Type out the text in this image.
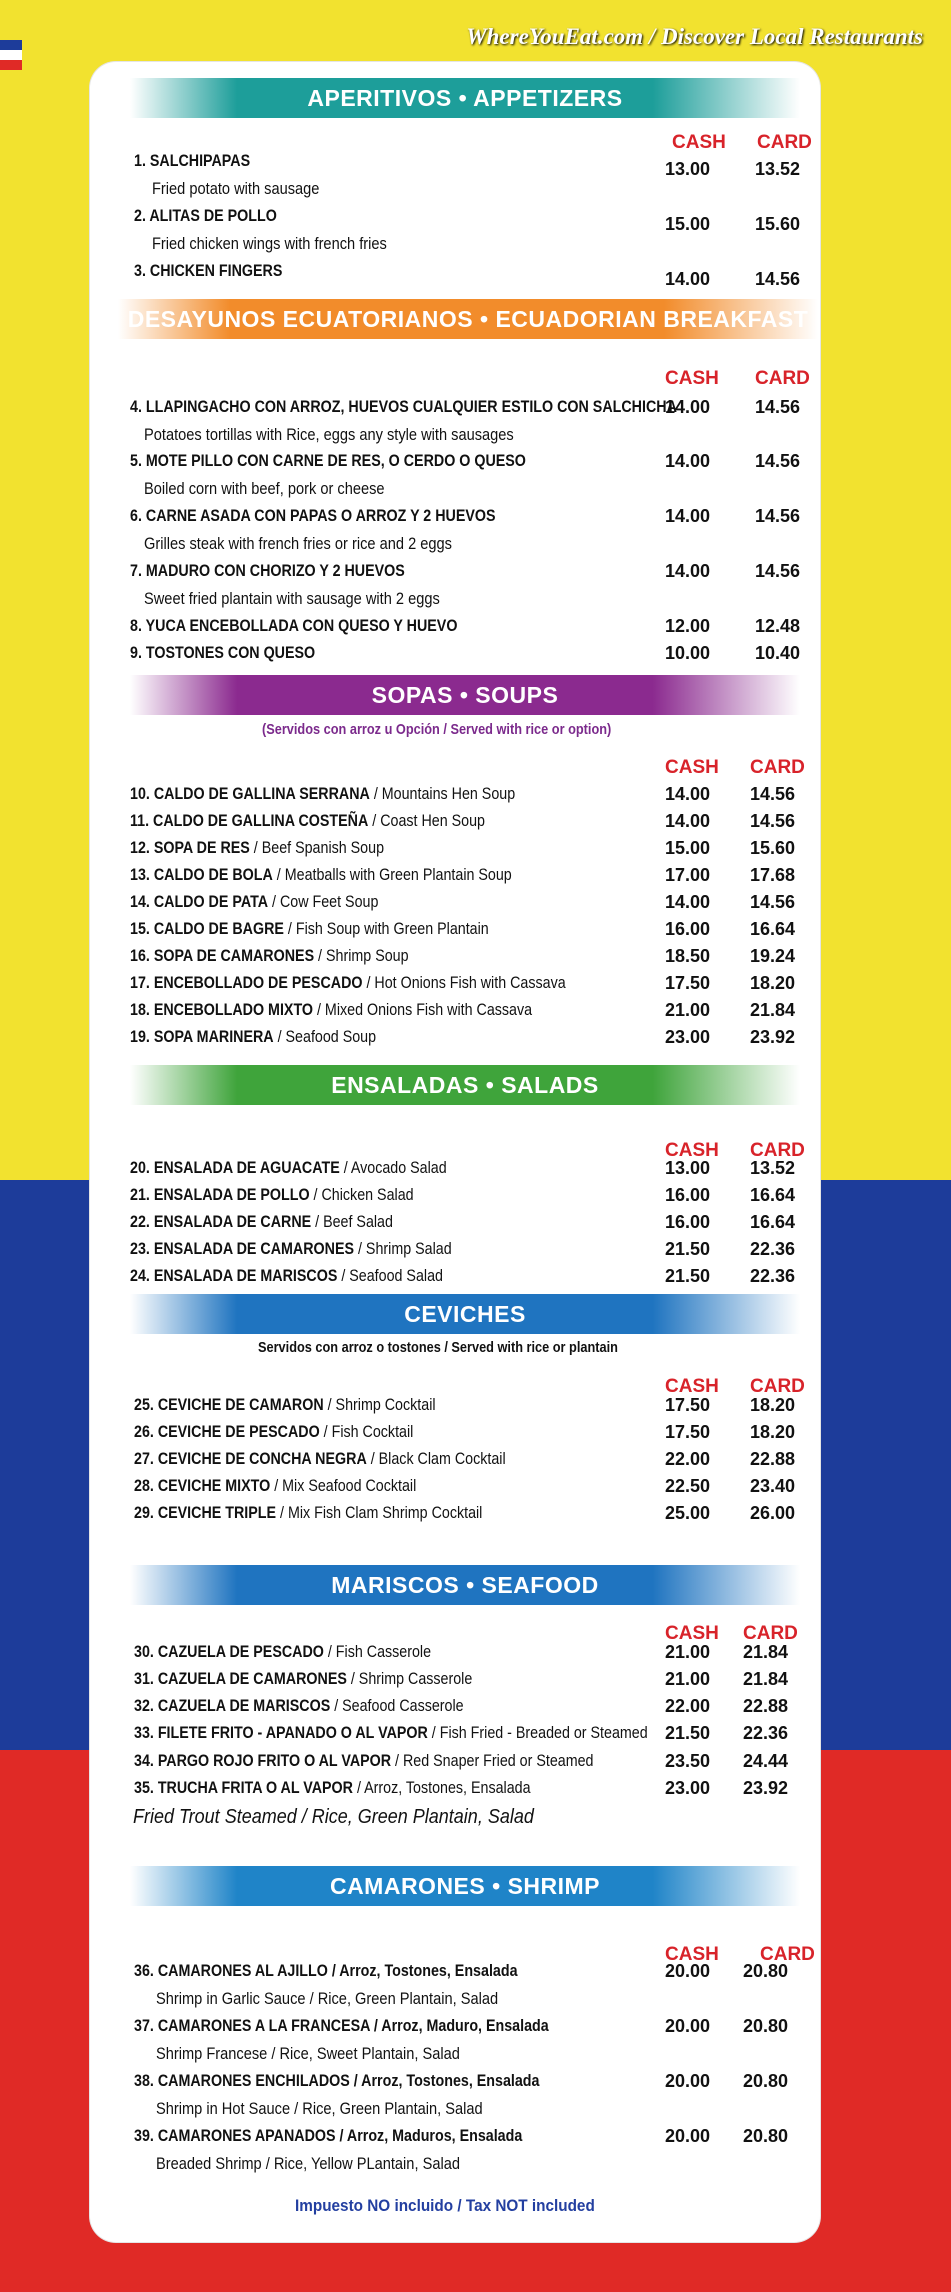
WhereYouEat.com / Discover Local Restaurants
APERITIVOS • APPETIZERS
CASH CARD
DESAYUNOS ECUATORIANOS • ECUADORIAN BREAKFAST
CASH CARD
SOPAS • SOUPS
(Servidos con arroz u Opción / Served with rice or option)
CASH CARD
ENSALADAS • SALADS
CASH CARD
CEVICHES
Servidos con arroz o tostones / Served with rice or plantain
CASH CARD
MARISCOS • SEAFOOD
CASH CARD
CAMARONES • SHRIMP
CASH CARD
1. SALCHIPAPAS
Fried potato with sausage
13.00 13.52
2. ALITAS DE POLLO
Fried chicken wings with french fries
15.00 15.60
3. CHICKEN FINGERS	14.00 14.56
4. LLAPINGACHO CON ARROZ, HUEVOS CUALQUIER ESTILO CON SALCHICHA
Potatoes tortillas with Rice, eggs any style with sausages
14.00 14.56
5. MOTE PILLO CON CARNE DE RES, O CERDO O QUESO
Boiled corn with beef, pork or cheese
14.00 14.56
6. CARNE ASADA CON PAPAS O ARROZ Y 2 HUEVOS
Grilles steak with french fries or rice and 2 eggs
14.00 14.56
7. MADURO CON CHORIZO Y 2 HUEVOS
Sweet fried plantain with sausage with 2 eggs
14.00 14.56
8. YUCA ENCEBOLLADA CON QUESO Y HUEVO	12.00 12.48
9. TOSTONES CON QUESO	10.00 10.40
10. CALDO DE GALLINA SERRANA / Mountains Hen Soup	14.00 14.56
11. CALDO DE GALLINA COSTEÑA / Coast Hen Soup	14.00 14.56
12. SOPA DE RES / Beef Spanish Soup	15.00 15.60
13. CALDO DE BOLA / Meatballs with Green Plantain Soup	17.00 17.68
14. CALDO DE PATA / Cow Feet Soup	14.00 14.56
15. CALDO DE BAGRE / Fish Soup with Green Plantain	16.00 16.64
16. SOPA DE CAMARONES / Shrimp Soup	18.50 19.24
17. ENCEBOLLADO DE PESCADO / Hot Onions Fish with Cassava	17.50 18.20
18. ENCEBOLLADO MIXTO / Mixed Onions Fish with Cassava	21.00 21.84
19. SOPA MARINERA / Seafood Soup	23.00 23.92
20. ENSALADA DE AGUACATE / Avocado Salad	13.00 13.52
21. ENSALADA DE POLLO / Chicken Salad	16.00 16.64
22. ENSALADA DE CARNE / Beef Salad	16.00 16.64
23. ENSALADA DE CAMARONES / Shrimp Salad	21.50 22.36
24. ENSALADA DE MARISCOS / Seafood Salad	21.50 22.36
25. CEVICHE DE CAMARON / Shrimp Cocktail	17.50 18.20
26. CEVICHE DE PESCADO / Fish Cocktail	17.50 18.20
27. CEVICHE DE CONCHA NEGRA / Black Clam Cocktail	22.00 22.88
28. CEVICHE MIXTO / Mix Seafood Cocktail	22.50 23.40
29. CEVICHE TRIPLE / Mix Fish Clam Shrimp Cocktail	25.00 26.00
30. CAZUELA DE PESCADO / Fish Casserole	21.00 21.84
31. CAZUELA DE CAMARONES / Shrimp Casserole	21.00 21.84
32. CAZUELA DE MARISCOS / Seafood Casserole	22.00 22.88
33. FILETE FRITO - APANADO O AL VAPOR / Fish Fried - Breaded or Steamed 21.50 22.36
34. PARGO ROJO FRITO O AL VAPOR / Red Snaper Fried or Steamed	23.50 24.44
35. TRUCHA FRITA O AL VAPOR / Arroz, Tostones, Ensalada	23.00 23.92
36. CAMARONES AL AJILLO / Arroz, Tostones, Ensalada
Shrimp in Garlic Sauce / Rice, Green Plantain, Salad
20.00 20.80
37. CAMARONES A LA FRANCESA / Arroz, Maduro, Ensalada
Shrimp Francese / Rice, Sweet Plantain, Salad
20.00 20.80
38. CAMARONES ENCHILADOS / Arroz, Tostones, Ensalada
Shrimp in Hot Sauce / Rice, Green Plantain, Salad
20.00 20.80
39. CAMARONES APANADOS / Arroz, Maduros, Ensalada
Breaded Shrimp / Rice, Yellow PLantain, Salad
20.00 20.80
Fried Trout Steamed / Rice, Green Plantain, Salad
Impuesto NO incluido / Tax NOT included
